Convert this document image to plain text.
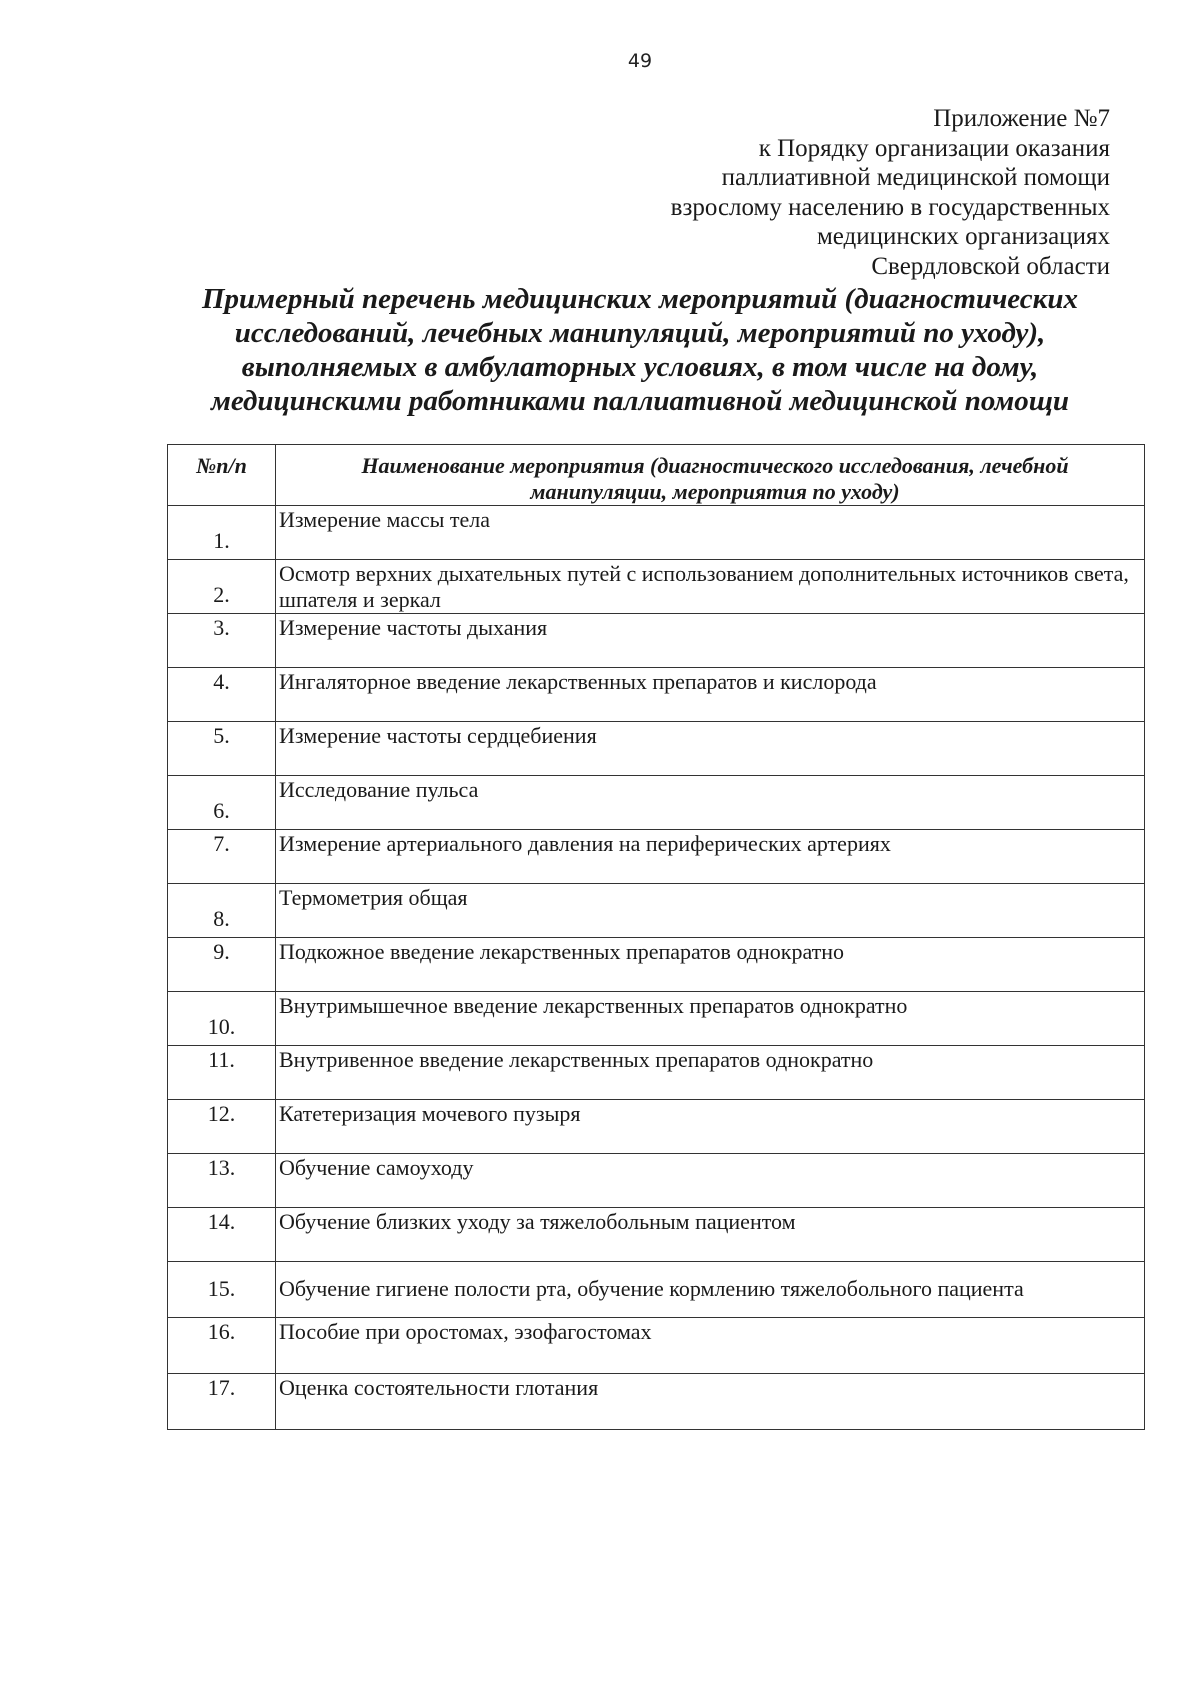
49
Приложение №7
к Порядку организации оказания
паллиативной медицинской помощи
взрослому населению в государственных
медицинских организациях
Свердловской области
Примерный перечень медицинских мероприятий (диагностических
исследований, лечебных манипуляций, мероприятий по уходу),
выполняемых в амбулаторных условиях, в том числе на дому,
медицинскими работниками паллиативной медицинской помощи
№п/п	Наименование мероприятия (диагностического исследования, лечебной манипуляции, мероприятия по уходу)
1.	Измерение массы тела
2.	Осмотр верхних дыхательных путей с использованием дополнительных источников света, шпателя и зеркал
3.	Измерение частоты дыхания
4.	Ингаляторное введение лекарственных препаратов и кислорода
5.	Измерение частоты сердцебиения
6.	Исследование пульса
7.	Измерение артериального давления на периферических артериях
8.	Термометрия общая
9.	Подкожное введение лекарственных препаратов однократно
10.	Внутримышечное введение лекарственных препаратов однократно
11.	Внутривенное введение лекарственных препаратов однократно
12.	Катетеризация мочевого пузыря
13.	Обучение самоуходу
14.	Обучение близких уходу за тяжелобольным пациентом
15.	Обучение гигиене полости рта, обучение кормлению тяжелобольного пациента
16.	Пособие при оростомах, эзофагостомах
17.	Оценка состоятельности глотания
